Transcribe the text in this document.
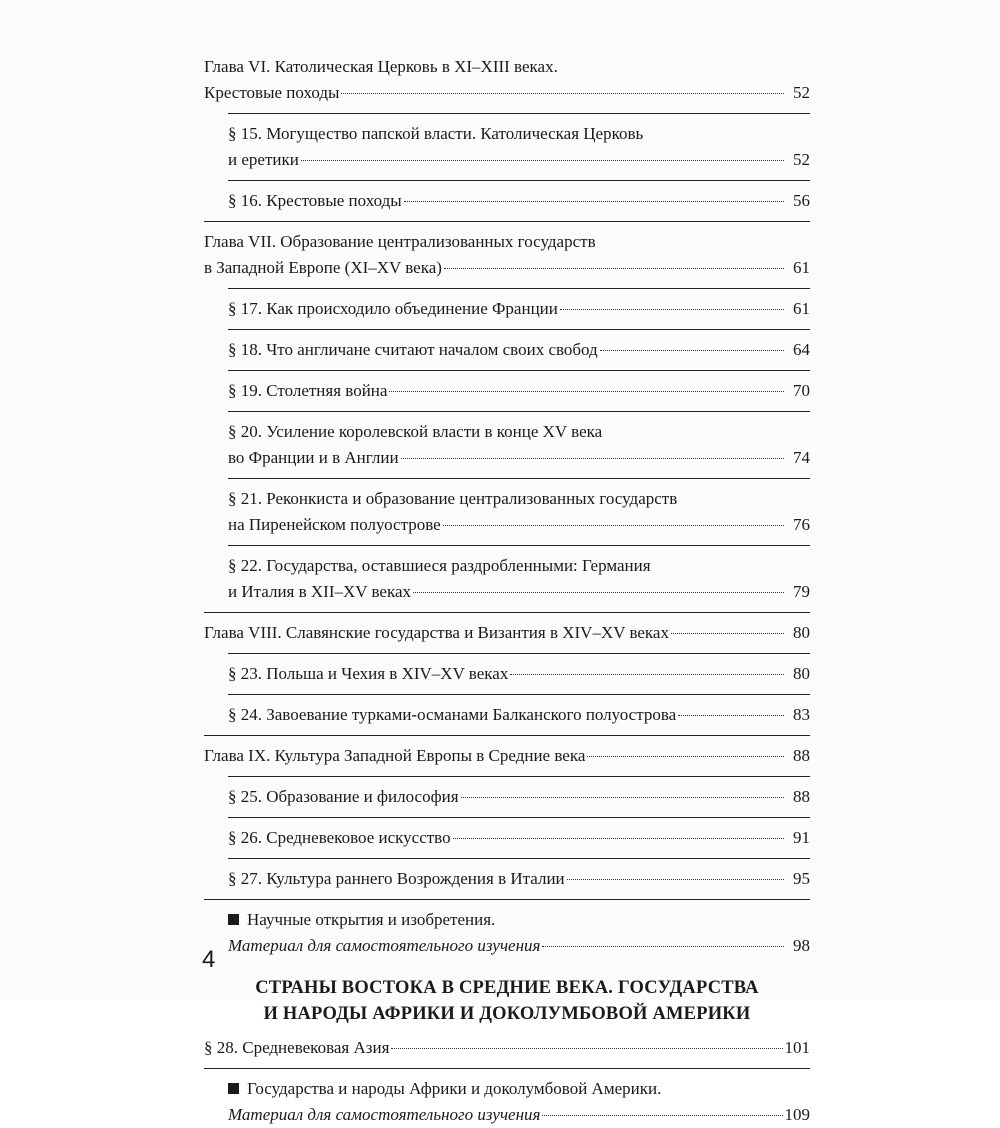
Глава VI. Католическая Церковь в XI–XIII веках.
Крестовые походы	52
§ 15. Могущество папской власти. Католическая Церковь
и еретики	52
§ 16. Крестовые походы	56
Глава VII. Образование централизованных государств
в Западной Европе (XI–XV века)	61
§ 17. Как происходило объединение Франции	61
§ 18. Что англичане считают началом своих свобод	64
§ 19. Столетняя война	70
§ 20. Усиление королевской власти в конце XV века
во Франции и в Англии	74
§ 21. Реконкиста и образование централизованных государств
на Пиренейском полуострове	76
§ 22. Государства, оставшиеся раздробленными: Германия
и Италия в XII–XV веках	79
Глава VIII. Славянские государства и Византия в XIV–XV веках	80
§ 23. Польша и Чехия в XIV–XV веках	80
§ 24. Завоевание турками-османами Балканского полуострова	83
Глава IX. Культура Западной Европы в Средние века	88
§ 25. Образование и философия	88
§ 26. Средневековое искусство	91
§ 27. Культура раннего Возрождения в Италии	95
Научные открытия и изобретения.
Материал для самостоятельного изучения	98
СТРАНЫ ВОСТОКА В СРЕДНИЕ ВЕКА. ГОСУДАРСТВА
И НАРОДЫ АФРИКИ И ДОКОЛУМБОВОЙ АМЕРИКИ
§ 28. Средневековая Азия	101
Государства и народы Африки и доколумбовой Америки.
Материал для самостоятельного изучения	109
4
